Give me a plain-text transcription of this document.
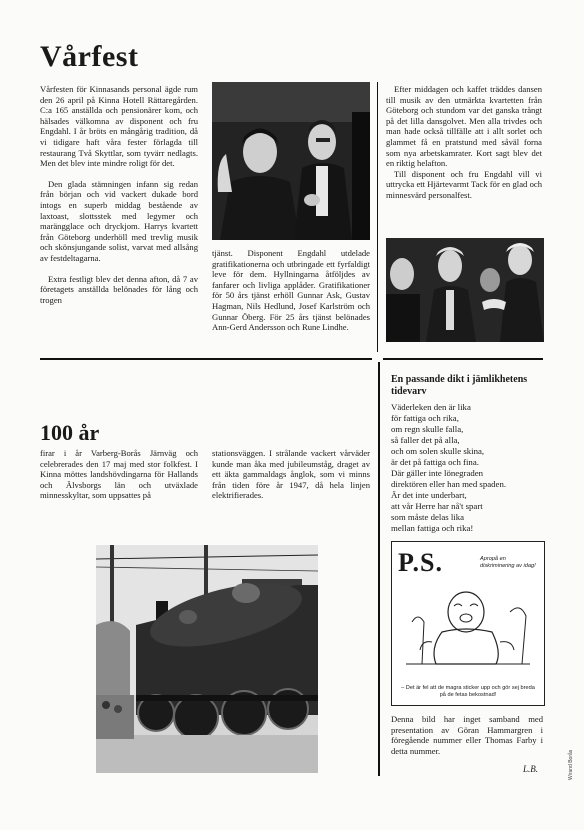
Vårfest

Vårfesten för Kinnasands personal ägde rum den 26 april på Kinna Hotell Rättaregården. C:a 165 anställda och pensionärer kom, och hälsades välkomna av disponent och fru Engdahl. I år bröts en mångårig tradition, då vi tidigare haft våra fester förlagda till restaurang Två Skyttlar, som tyvärr nedlagts. Men det blev inte mindre roligt för det.

Den glada stämningen infann sig redan från början och vid vackert dukade bord intogs en superb middag bestående av laxtoast, slottsstek med legymer och marängglace och dryckjom. Harrys kvartett från Göteborg underhöll med trevlig musik och skönsjungande solist, varvat med allsång av festdeltagarna.

Extra festligt blev det denna afton, då 7 av företagets anställda belönades för lång och trogen

tjänst. Disponent Engdahl utdelade gratifikationerna och utbringade ett fyrfaldigt leve för dem. Hyllningarna åtföljdes av fanfarer och livliga applåder. Gratifikationer för 50 års tjänst erhöll Gunnar Ask, Gustav Hagman, Nils Hedlund, Josef Karlström och Gunnar Öberg. För 25 års tjänst belönades Ann-Gerd Andersson och Rune Lindhe.

Efter middagen och kaffet träddes dansen till musik av den utmärkta kvartetten från Göteborg och stundom var det ganska trångt på det lilla dansgolvet. Men alla trivdes och man hade också tillfälle att i allt sorlet och glammet få en pratstund med såväl forna som nya arbetskamrater. Kort sagt blev det en riktig helafton.

Till disponent och fru Engdahl vill vi uttrycka ett Hjärtevarmt Tack för en glad och minnesvärd personalfest.

100 år

firar i år Varberg-Borås Järnväg och celebrerades den 17 maj med stor folkfest. I Kinna möttes landshövdingarna för Hallands och Älvsborgs län och utväxlade minnesskyltar, som uppsattes på

stationsväggen. I strålande vackert vårväder kunde man åka med jubileumståg, draget av ett äkta gammaldags ånglok, som vi minns från tiden före år 1947, då hela linjen elektrifierades.

En passande dikt i jämlikhetens tidevarv
Väderleken den är lika
för fattiga och rika,
om regn skulle falla,
så faller det på alla,
och om solen skulle skina,
är det på fattiga och fina.
Där gäller inte lönegraden
direktören eller han med spaden.
Är det inte underbart,
att vår Herre har nå't spart
som måste delas lika
mellan fattiga och rika!
P.S.	Apropå en diskriminering av idag!
– Det är fel att de magra sticker upp och gör sej breda på de fetas bekostnad!
Denna bild har inget samband med presentation av Göran Hammargren i föregående nummer eller Thomas Farby i detta nummer.
L.B.	Wirand Borås
